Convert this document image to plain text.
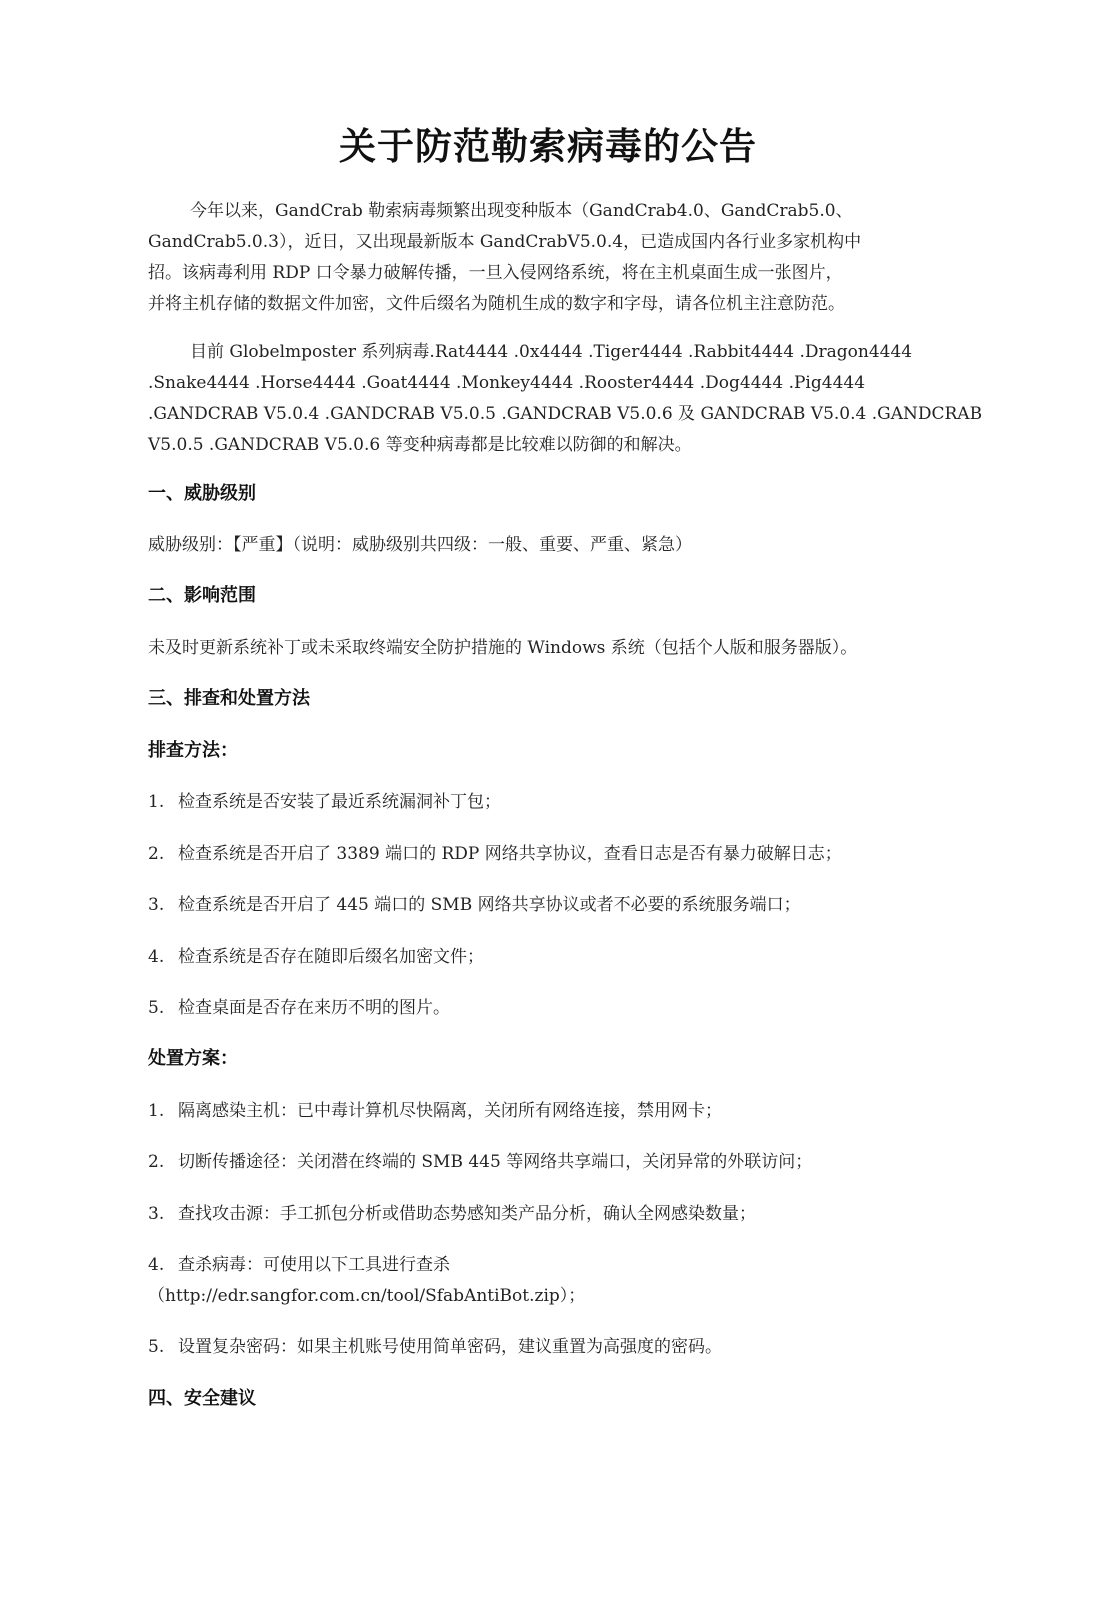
关于防范勒索病毒的公告
今年以来，GandCrab 勒索病毒频繁出现变种版本（GandCrab4.0、GandCrab5.0、
GandCrab5.0.3），近日，又出现最新版本 GandCrabV5.0.4，已造成国内各行业多家机构中
招。该病毒利用 RDP 口令暴力破解传播，一旦入侵网络系统，将在主机桌面生成一张图片，
并将主机存储的数据文件加密，文件后缀名为随机生成的数字和字母，请各位机主注意防范。
目前 Globelmposter 系列病毒.Rat4444 .0x4444 .Tiger4444 .Rabbit4444 .Dragon4444
.Snake4444 .Horse4444 .Goat4444 .Monkey4444 .Rooster4444 .Dog4444 .Pig4444
.GANDCRAB V5.0.4 .GANDCRAB V5.0.5 .GANDCRAB V5.0.6 及 GANDCRAB V5.0.4 .GANDCRAB
V5.0.5 .GANDCRAB V5.0.6 等变种病毒都是比较难以防御的和解决。
一、威胁级别

威胁级别：【严重】（说明：威胁级别共四级：一般、重要、严重、紧急）

二、影响范围

未及时更新系统补丁或未采取终端安全防护措施的 Windows 系统（包括个人版和服务器版）。

三、排查和处置方法
排查方法：

1. 检查系统是否安装了最近系统漏洞补丁包；

2. 检查系统是否开启了 3389 端口的 RDP 网络共享协议，查看日志是否有暴力破解日志；

3. 检查系统是否开启了 445 端口的 SMB 网络共享协议或者不必要的系统服务端口；

4. 检查系统是否存在随即后缀名加密文件；

5. 检查桌面是否存在来历不明的图片。

处置方案：

1. 隔离感染主机：已中毒计算机尽快隔离，关闭所有网络连接，禁用网卡；

2. 切断传播途径：关闭潜在终端的 SMB 445 等网络共享端口，关闭异常的外联访问；

3. 查找攻击源：手工抓包分析或借助态势感知类产品分析，确认全网感染数量；

4. 查杀病毒：可使用以下工具进行查杀
（http://edr.sangfor.com.cn/tool/SfabAntiBot.zip）；

5. 设置复杂密码：如果主机账号使用简单密码，建议重置为高强度的密码。

四、安全建议
